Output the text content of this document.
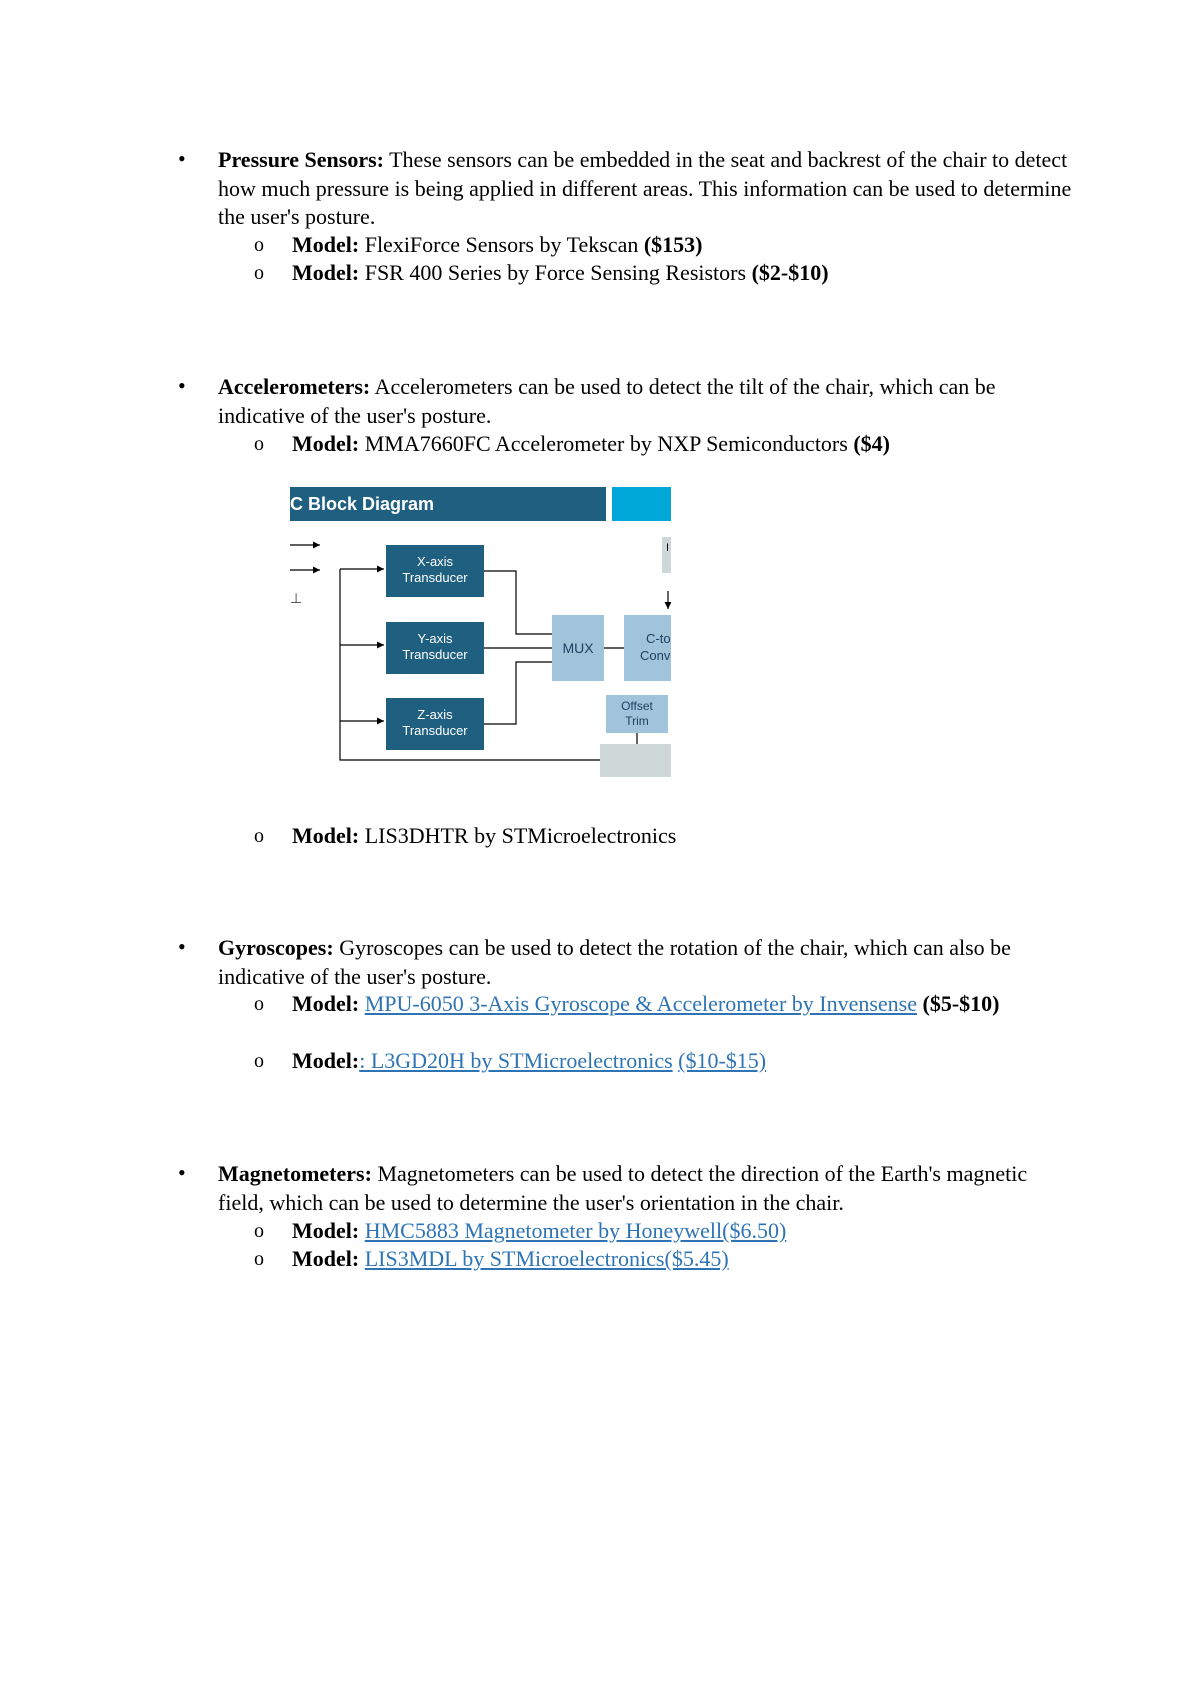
• Pressure Sensors: These sensors can be embedded in the seat and backrest of the chair to detect how much pressure is being applied in different areas. This information can be used to determine the user's posture.

o Model: FlexiForce Sensors by Tekscan ($153)
o Model: FSR 400 Series by Force Sensing Resistors ($2-$10)
• Accelerometers: Accelerometers can be used to detect the tilt of the chair, which can be indicative of the user's posture.

o Model: MMA7660FC Accelerometer by NXP Semiconductors ($4)
C Block Diagram
⊥
X-axis
Transducer
Y-axis
Transducer
Z-axis
Transducer
MUX
C-to
Conv
I
Offset
Trim
o Model: LIS3DHTR by STMicroelectronics
• Gyroscopes: Gyroscopes can be used to detect the rotation of the chair, which can also be indicative of the user's posture.

o Model: MPU-6050 3-Axis Gyroscope & Accelerometer by Invensense ($5-$10)
o Model:: L3GD20H by STMicroelectronics ($10-$15)
• Magnetometers: Magnetometers can be used to detect the direction of the Earth's magnetic field, which can be used to determine the user's orientation in the chair.

o Model: HMC5883 Magnetometer by Honeywell($6.50)
o Model: LIS3MDL by STMicroelectronics($5.45)
